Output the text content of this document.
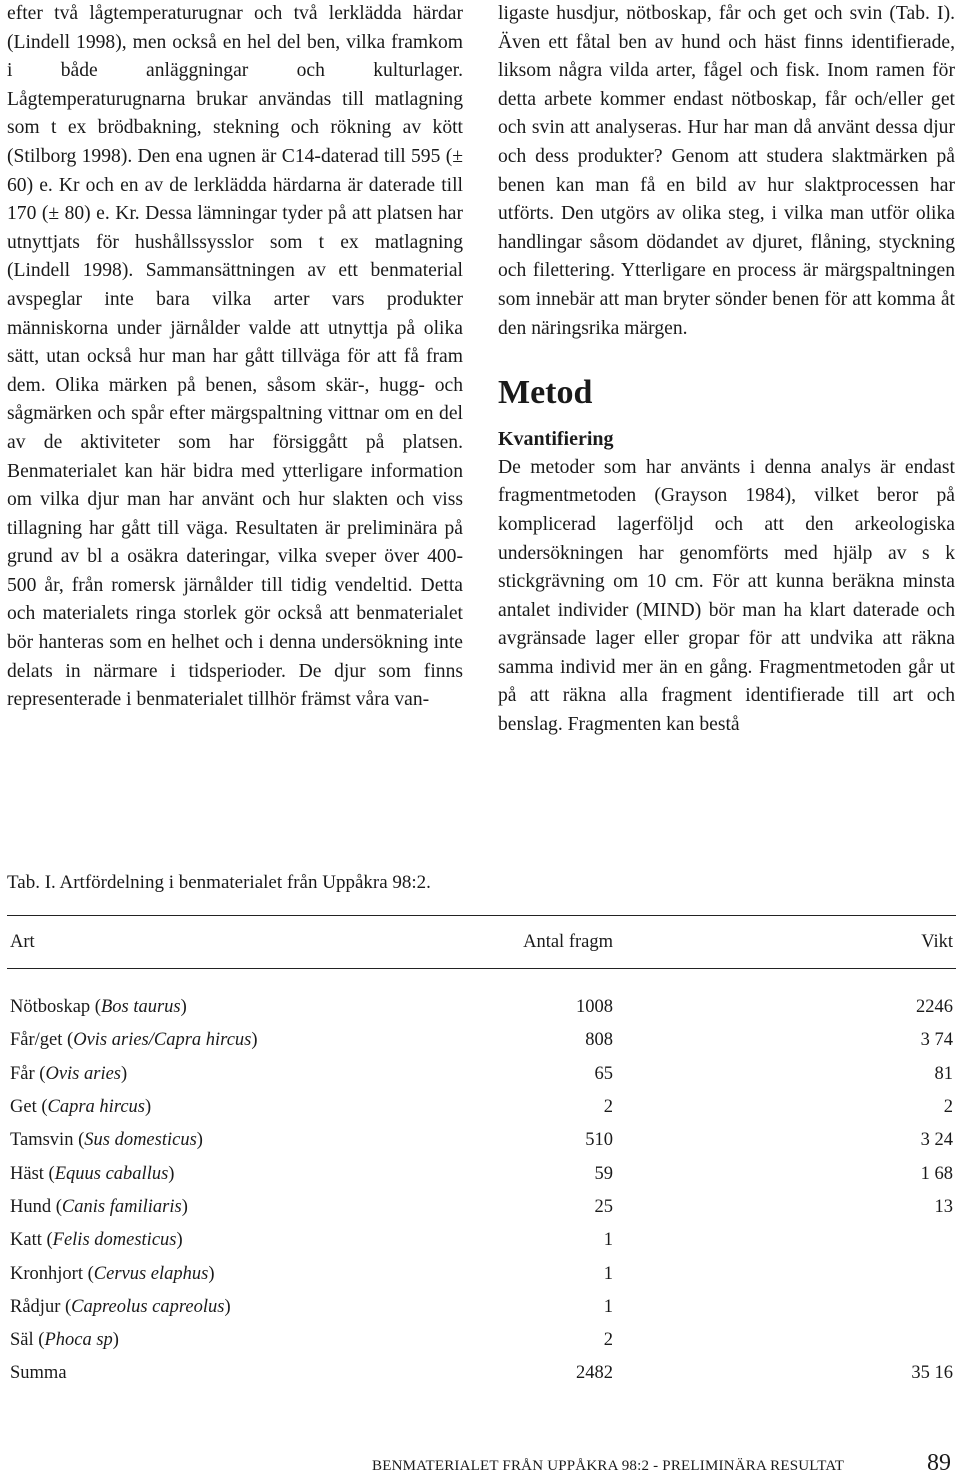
efter två lågtemperaturugnar och två lerklädda härdar (Lindell 1998), men också en hel del ben, vilka framkom i både anläggningar och kulturlager. Lågtemperaturugnarna brukar användas till matlagning som t ex brödbakning, stekning och rökning av kött (Stilborg 1998). Den ena ugnen är C14-daterad till 595 (± 60) e. Kr och en av de lerklädda härdarna är daterade till 170 (± 80) e. Kr. Dessa lämningar tyder på att platsen har utnyttjats för hushållssysslor som t ex matlagning (Lindell 1998). Sammansättningen av ett benmaterial avspeglar inte bara vilka arter vars produkter människorna under järnålder valde att utnyttja på olika sätt, utan också hur man har gått tillväga för att få fram dem. Olika märken på benen, såsom skär-, hugg- och sågmärken och spår efter märgspaltning vittnar om en del av de aktiviteter som har försiggått på platsen. Benmaterialet kan här bidra med ytterligare information om vilka djur man har använt och hur slakten och viss tillagning har gått till väga. Resultaten är preliminära på grund av bl a osäkra dateringar, vilka sveper över 400-500 år, från romersk järnålder till tidig vendeltid. Detta och materialets ringa storlek gör också att benmaterialet bör hanteras som en helhet och i denna undersökning inte delats in närmare i tidsperioder. De djur som finns representerade i benmaterialet tillhör främst våra van-

ligaste husdjur, nötboskap, får och get och svin (Tab. I). Även ett fåtal ben av hund och häst finns identifierade, liksom några vilda arter, fågel och fisk. Inom ramen för detta arbete kommer endast nötboskap, får och/eller get och svin att analyseras. Hur har man då använt dessa djur och dess produkter? Genom att studera slaktmärken på benen kan man få en bild av hur slaktprocessen har utförts. Den utgörs av olika steg, i vilka man utför olika handlingar såsom dödandet av djuret, flåning, styckning och filettering. Ytterligare en process är märgspaltningen som innebär att man bryter sönder benen för att komma åt den näringsrika märgen.

Metod
Kvantifiering

De metoder som har använts i denna analys är endast fragmentmetoden (Grayson 1984), vilket beror på komplicerad lagerföljd och att den arkeologiska undersökningen har genomförts med hjälp av s k stickgrävning om 10 cm. För att kunna beräkna minsta antalet individer (MIND) bör man ha klart daterade och avgränsade lager eller gropar för att undvika att räkna samma individ mer än en gång. Fragmentmetoden går ut på att räkna alla fragment identifierade till art och benslag. Fragmenten kan bestå

Tab. I. Artfördelning i benmaterialet från Uppåkra 98:2.
Art	Antal fragm	Vikt
Nötboskap (Bos taurus)	1008	2246
Får/get (Ovis aries/Capra hircus)	808	3 74
Får (Ovis aries)	65	81
Get (Capra hircus)	2	2
Tamsvin (Sus domesticus)	510	3 24
Häst (Equus caballus)	59	1 68
Hund (Canis familiaris)	25	13
Katt (Felis domesticus)	1	
Kronhjort (Cervus elaphus)	1	
Rådjur (Capreolus capreolus)	1	
Säl (Phoca sp)	2	
Summa	2482	35 16
BENMATERIALET FRÅN UPPÅKRA 98:2 - PRELIMINÄRA RESULTAT	89
